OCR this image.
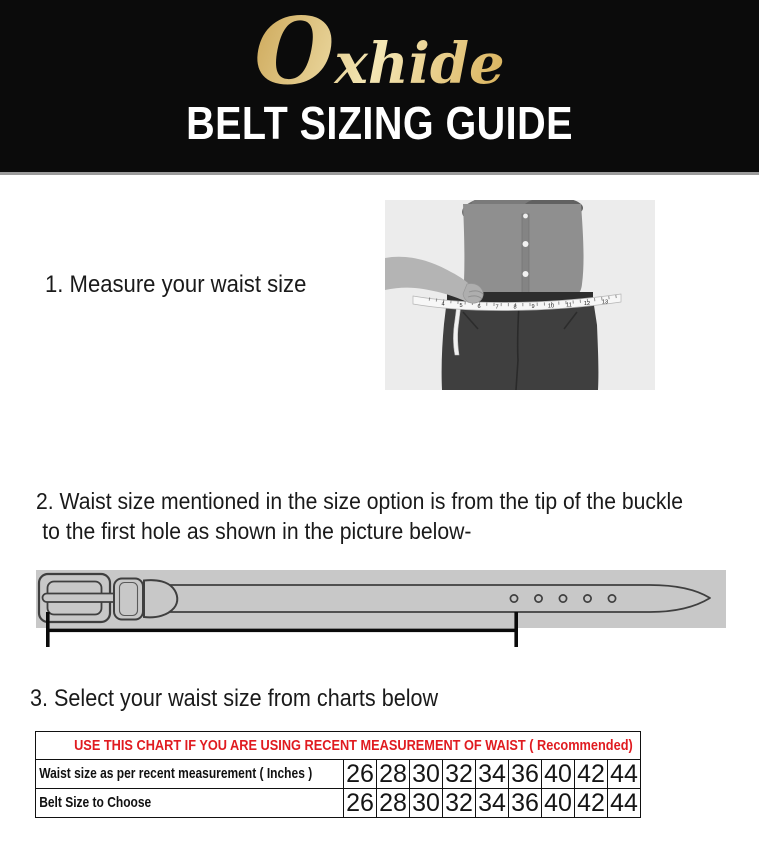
Oxhide
BELT SIZING GUIDE
1. Measure your waist size
4	5	6	7	8	9 10 11 12 13
2. Waist size mentioned in the size option is from the tip of the buckle
to the first hole as shown in the picture below-
3. Select your waist size from charts below
USE THIS CHART IF YOU ARE USING RECENT MEASUREMENT OF WAIST ( Recommended)									
Waist size as per recent measurement ( Inches )	26	28	30	32	34	36	40	42	44
Belt Size to Choose	26	28	30	32	34	36	40	42	44
